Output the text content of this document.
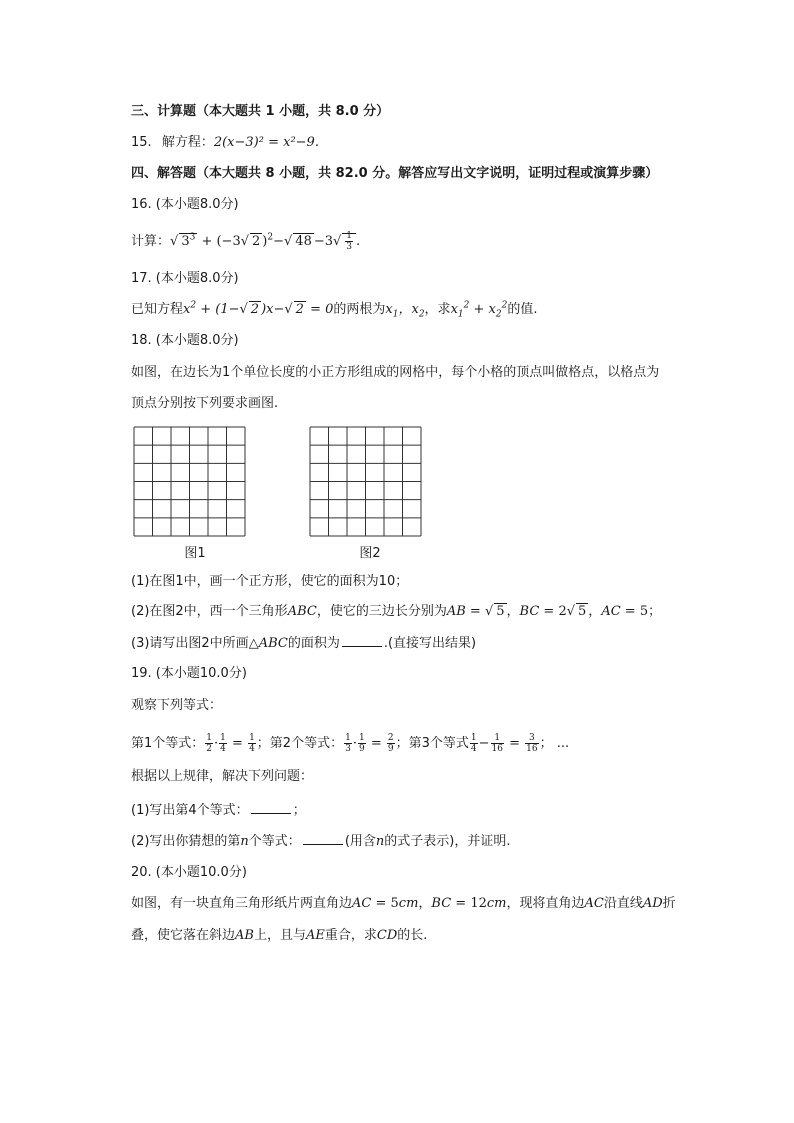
三、计算题（本大题共 1 小题，共 8.0 分）
15. 解方程：2(x−3)² = x²−9.
四、解答题（本大题共 8 小题，共 82.0 分。解答应写出文字说明，证明过程或演算步骤）
16. (本小题8.0分)
计算：√ $3^3 + (-3√$ 2 )$^2$−√ $48 -3√ \frac{1}{3}$ .
17. (本小题8.0分)
已知方程$x^2 + (1-√$ 2 )x−√ 2 = 0的两根为$x_1$，$x_2$，求$x_1^2 + x_2^2$的值.
18. (本小题8.0分)
如图，在边长为1个单位长度的小正方形组成的网格中，每个小格的顶点叫做格点，以格点为
顶点分别按下列要求画图.
图1	图2
(1)在图1中，画一个正方形，使它的面积为10；
(2)在图2中，西一个三角形ABC，使它的三边长分别为AB = √ 5 ，BC = 2√ 5 ，AC = 5；
(3)请写出图2中所画△ABC的面积为	.(直接写出结果)
19. (本小题10.0分)
观察下列等式：
第1个等式： $\frac{1}{2} \cdot \frac{1}{4} = \frac{1}{4}$ ；第2个等式： $\frac{1}{3} \cdot \frac{1}{9} = \frac{2}{9}$ ；第3个等式 $\frac{1}{4} - \frac{1}{16} = \frac{3}{16}$ ； ...
根据以上规律，解决下列问题：
(1)写出第4个等式：	；
(2)写出你猜想的第n个等式：	(用含n的式子表示)，并证明.
20. (本小题10.0分)
如图，有一块直角三角形纸片两直角边AC = 5cm，BC = 12cm，现将直角边AC沿直线AD折
叠，使它落在斜边AB上，且与AE重合，求CD的长.
